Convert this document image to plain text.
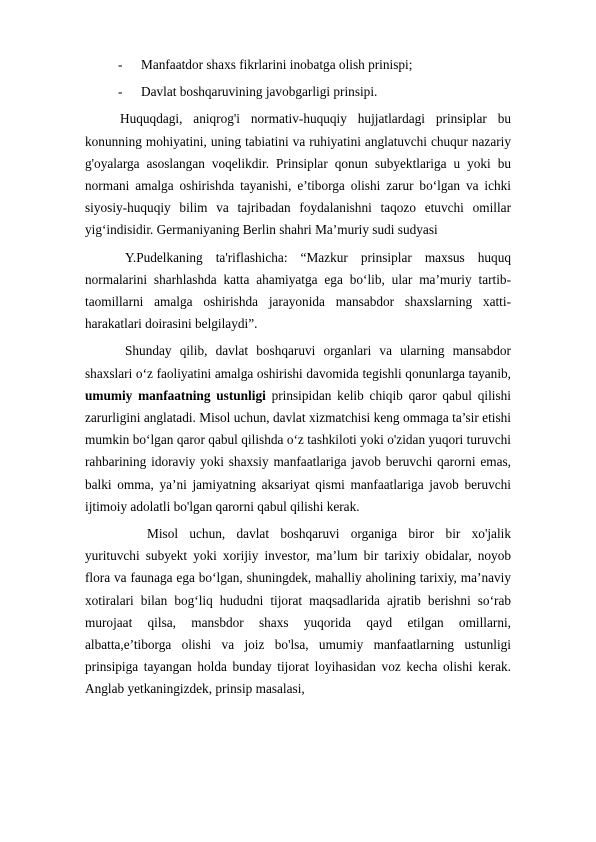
- Manfaatdor shaxs fikrlarini inobatga olish prinispi;
- Davlat boshqaruvining javobgarligi prinsipi.

Huquqdagi, aniqrog'i normativ-huquqiy hujjatlardagi prinsiplar bu konunning mohiyatini, uning tabiatini va ruhiyatini anglatuvchi chuqur nazariy g'oyalarga asoslangan voqelikdir. Prinsiplar qonun subyektlariga u yoki bu normani amalga oshirishda tayanishi, e’tiborga olishi zarur bo‘lgan va ichki siyosiy-huquqiy bilim va tajribadan foydalanishni taqozo etuvchi omillar yig‘indisidir. Germaniyaning Berlin shahri Ma’muriy sudi sudyasi

Y.Pudelkaning ta'riflashicha: “Mazkur prinsiplar maxsus huquq normalarini sharhlashda katta ahamiyatga ega bo‘lib, ular ma’muriy tartib-taomillarni amalga oshirishda jarayonida mansabdor shaxslarning xatti-harakatlari doirasini belgilaydi”.

Shunday qilib, davlat boshqaruvi organlari va ularning mansabdor shaxslari o‘z faoliyatini amalga oshirishi davomida tegishli qonunlarga tayanib, umumiy manfaatning ustunligi prinsipidan kelib chiqib qaror qabul qilishi zarurligini anglatadi. Misol uchun, davlat xizmatchisi keng ommaga ta’sir etishi mumkin bo‘lgan qaror qabul qilishda o‘z tashkiloti yoki o'zidan yuqori turuvchi rahbarining idoraviy yoki shaxsiy manfaatlariga javob beruvchi qarorni emas, balki omma, ya’ni jamiyatning aksariyat qismi manfaatlariga javob beruvchi ijtimoiy adolatli bo'lgan qarorni qabul qilishi kerak.

Misol uchun, davlat boshqaruvi organiga biror bir xo'jalik yurituvchi subyekt yoki xorijiy investor, ma’lum bir tarixiy obidalar, noyob flora va faunaga ega bo‘lgan, shuningdek, mahalliy aholining tarixiy, ma’naviy xotiralari bilan bog‘liq hududni tijorat maqsadlarida ajratib berishni so‘rab murojaat qilsa, mansbdor shaxs yuqorida qayd etilgan omillarni, albatta,e’tiborga olishi va joiz bo'lsa, umumiy manfaatlarning ustunligi prinsipiga tayangan holda bunday tijorat loyihasidan voz kecha olishi kerak. Anglab yetkaningizdek, prinsip masalasi,
